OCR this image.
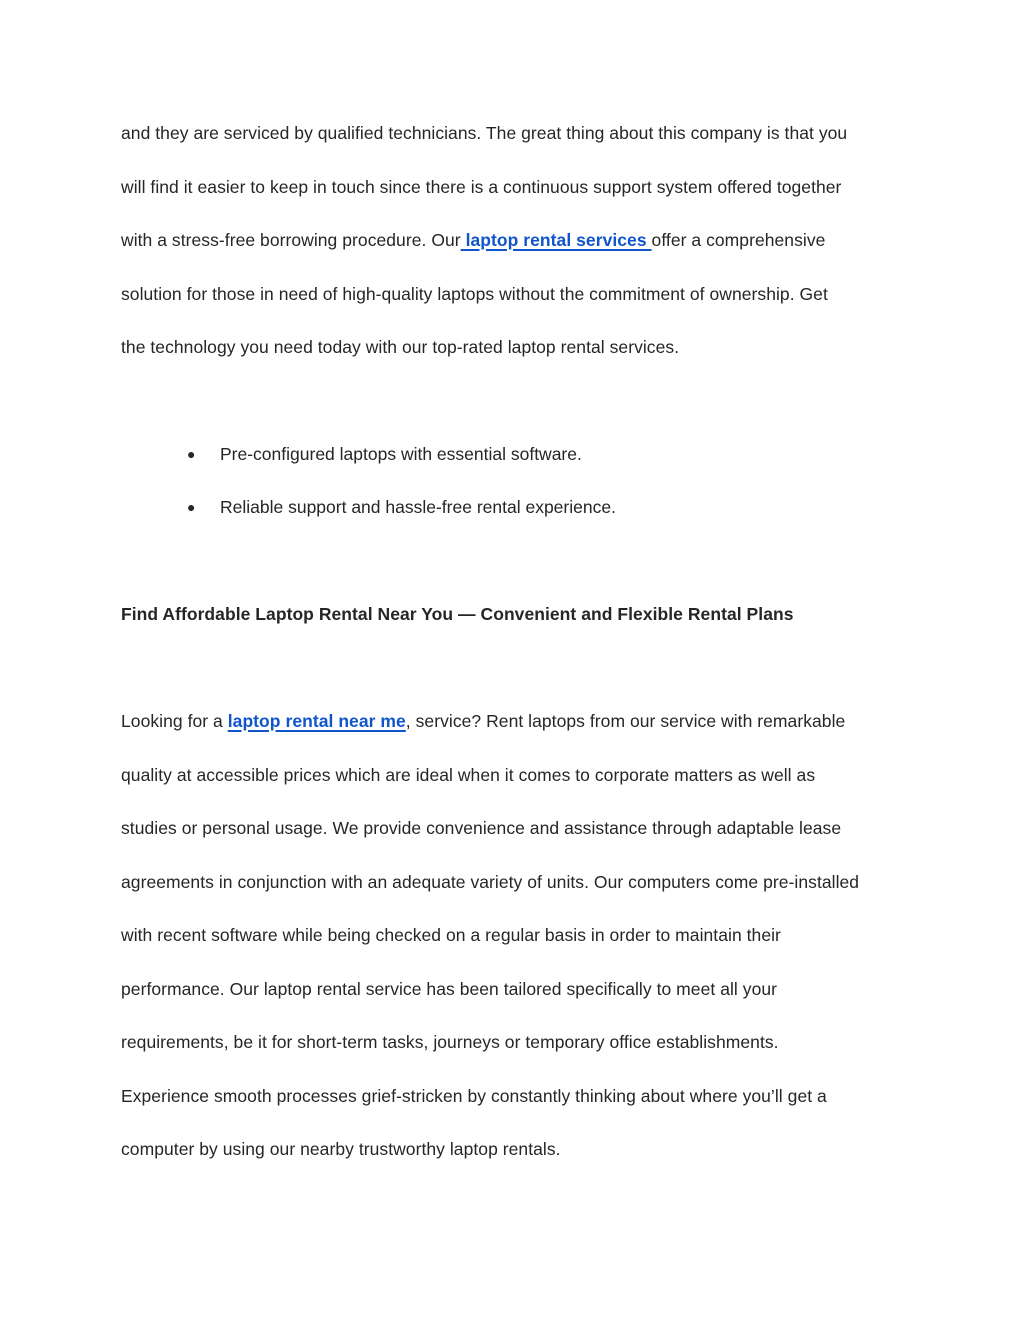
and they are serviced by qualified technicians. The great thing about this company is that you
will find it easier to keep in touch since there is a continuous support system offered together
with a stress-free borrowing procedure. Our laptop rental services offer a comprehensive
solution for those in need of high-quality laptops without the commitment of ownership. Get
the technology you need today with our top-rated laptop rental services.
● Pre-configured laptops with essential software.
● Reliable support and hassle-free rental experience.
Find Affordable Laptop Rental Near You — Convenient and Flexible Rental Plans
Looking for a laptop rental near me, service? Rent laptops from our service with remarkable
quality at accessible prices which are ideal when it comes to corporate matters as well as
studies or personal usage. We provide convenience and assistance through adaptable lease
agreements in conjunction with an adequate variety of units. Our computers come pre-installed
with recent software while being checked on a regular basis in order to maintain their
performance. Our laptop rental service has been tailored specifically to meet all your
requirements, be it for short-term tasks, journeys or temporary office establishments.
Experience smooth processes grief-stricken by constantly thinking about where you’ll get a
computer by using our nearby trustworthy laptop rentals.
